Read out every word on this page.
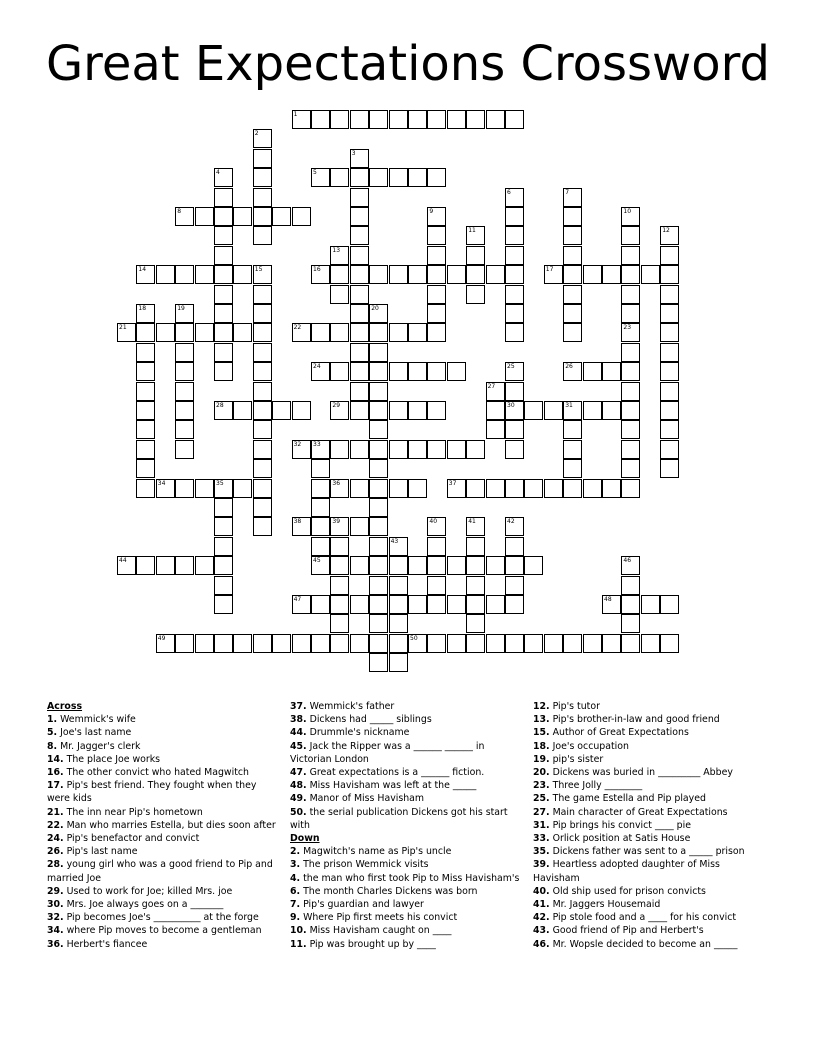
Great Expectations Crossword
1
2
3
4	5
6	7
8	9	10
23
11	12
13
14	15	16	17
18	19	20
21	22
24	25
30
26
27
28	29	31
32 33
34	35	36	37
38	39	40	41	42
43
44	45	46
47	48
49	50

Across

1. Wemmick's wife

5. Joe's last name

8. Mr. Jagger's clerk

14. The place Joe works

16. The other convict who hated Magwitch

17. Pip's best friend. They fought when they were kids

21. The inn near Pip's hometown

22. Man who marries Estella, but dies soon after

24. Pip's benefactor and convict

26. Pip's last name

28. young girl who was a good friend to Pip and married Joe

29. Used to work for Joe; killed Mrs. joe

30. Mrs. Joe always goes on a _______

32. Pip becomes Joe's __________ at the forge

34. where Pip moves to become a gentleman

36. Herbert's fiancee

37. Wemmick's father

38. Dickens had _____ siblings

44. Drummle's nickname

45. Jack the Ripper was a ______ ______ in Victorian London

47. Great expectations is a ______ fiction.

48. Miss Havisham was left at the _____

49. Manor of Miss Havisham

50. the serial publication Dickens got his start with

Down

2. Magwitch's name as Pip's uncle

3. The prison Wemmick visits

4. the man who first took Pip to Miss Havisham's

6. The month Charles Dickens was born

7. Pip's guardian and lawyer

9. Where Pip first meets his convict

10. Miss Havisham caught on ____

11. Pip was brought up by ____

12. Pip's tutor

13. Pip's brother-in-law and good friend

15. Author of Great Expectations

18. Joe's occupation

19. pip's sister

20. Dickens was buried in _________ Abbey

23. Three Jolly ________

25. The game Estella and Pip played

27. Main character of Great Expectations

31. Pip brings his convict ____ pie

33. Orlick position at Satis House

35. Dickens father was sent to a _____ prison

39. Heartless adopted daughter of Miss Havisham

40. Old ship used for prison convicts

41. Mr. Jaggers Housemaid

42. Pip stole food and a ____ for his convict

43. Good friend of Pip and Herbert's

46. Mr. Wopsle decided to become an _____
